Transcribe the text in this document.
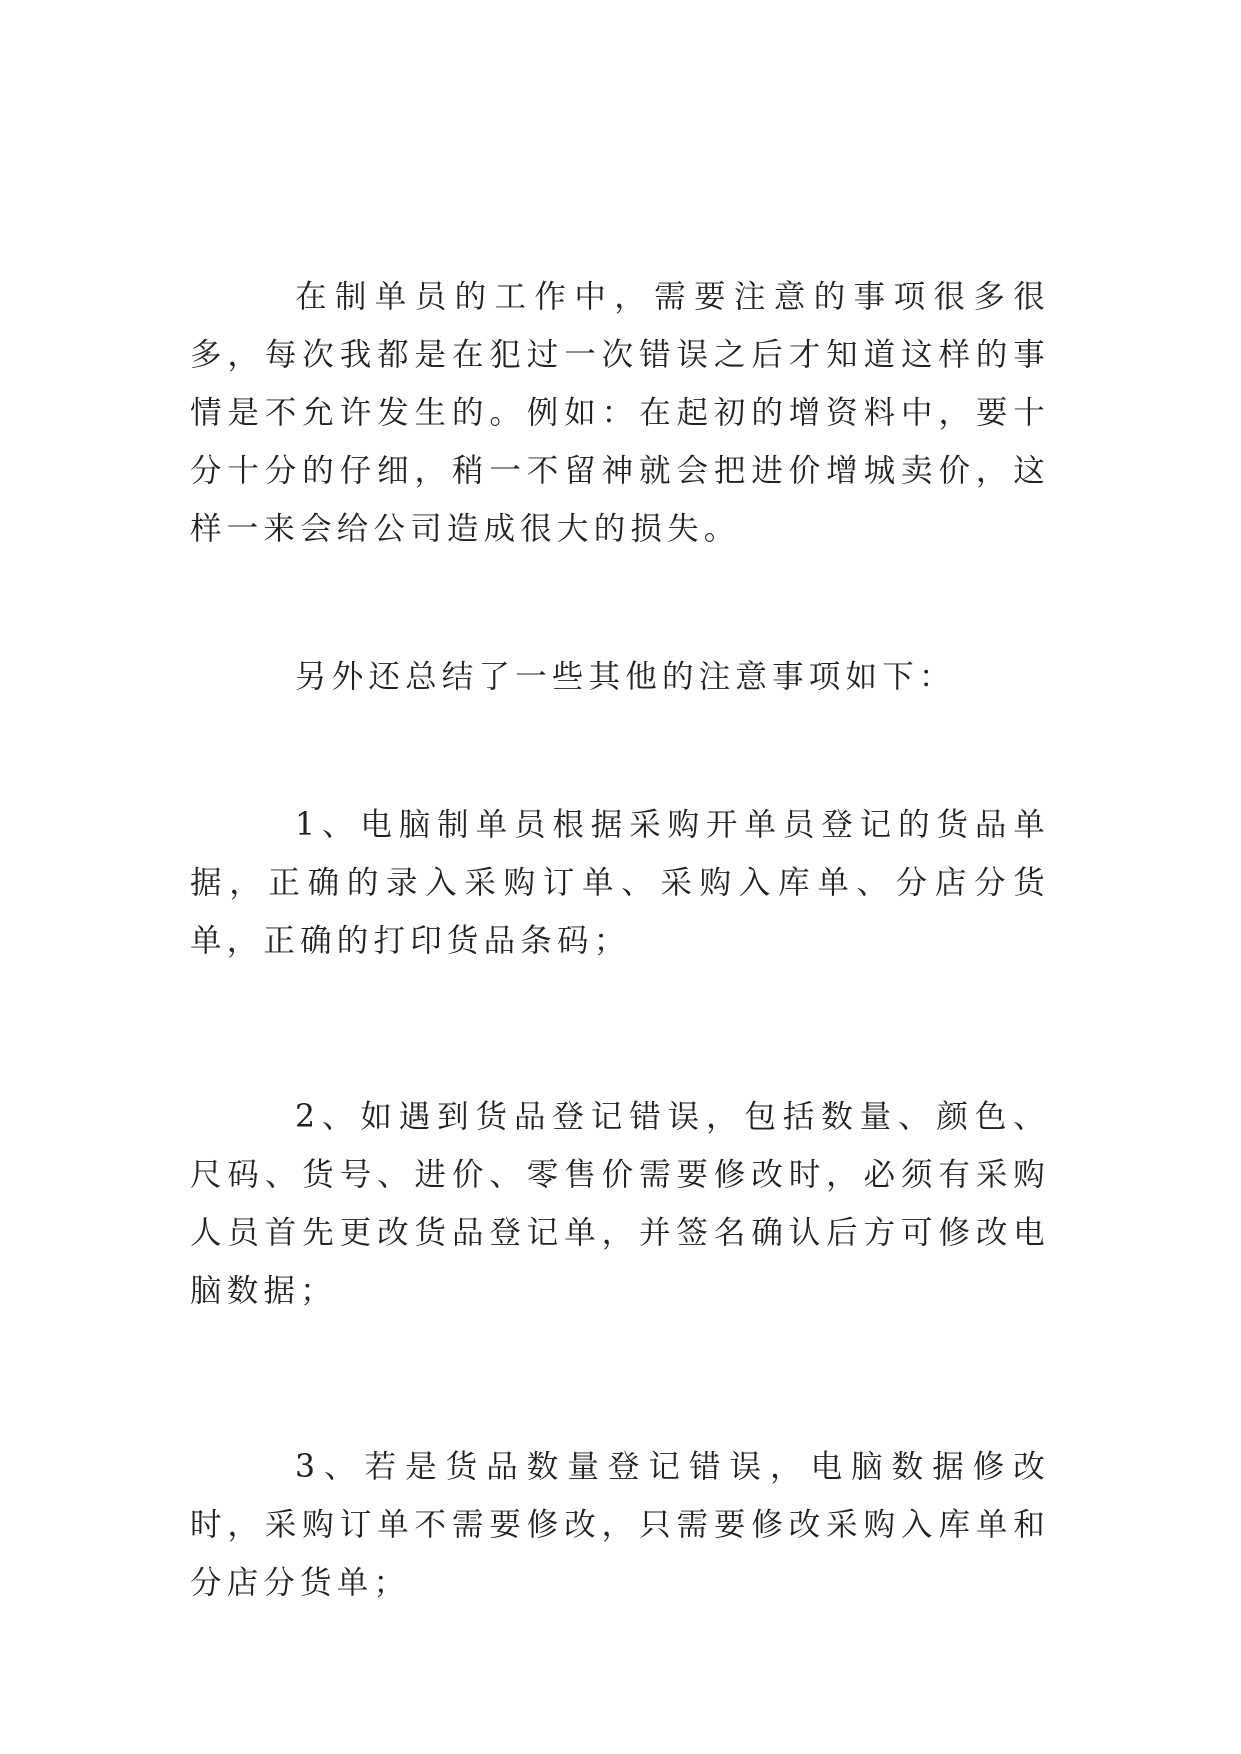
在制单员的工作中，需要注意的事项很多很多，每次我都是在犯过一次错误之后才知道这样的事情是不允许发生的。例如：在起初的增资料中，要十分十分的仔细，稍一不留神就会把进价增城卖价，这样一来会给公司造成很大的损失。

另外还总结了一些其他的注意事项如下：

1、电脑制单员根据采购开单员登记的货品单据，正确的录入采购订单、采购入库单、分店分货单，正确的打印货品条码；

2、如遇到货品登记错误，包括数量、颜色、尺码、货号、进价、零售价需要修改时，必须有采购人员首先更改货品登记单，并签名确认后方可修改电脑数据；

3、若是货品数量登记错误，电脑数据修改时，采购订单不需要修改，只需要修改采购入库单和分店分货单；
